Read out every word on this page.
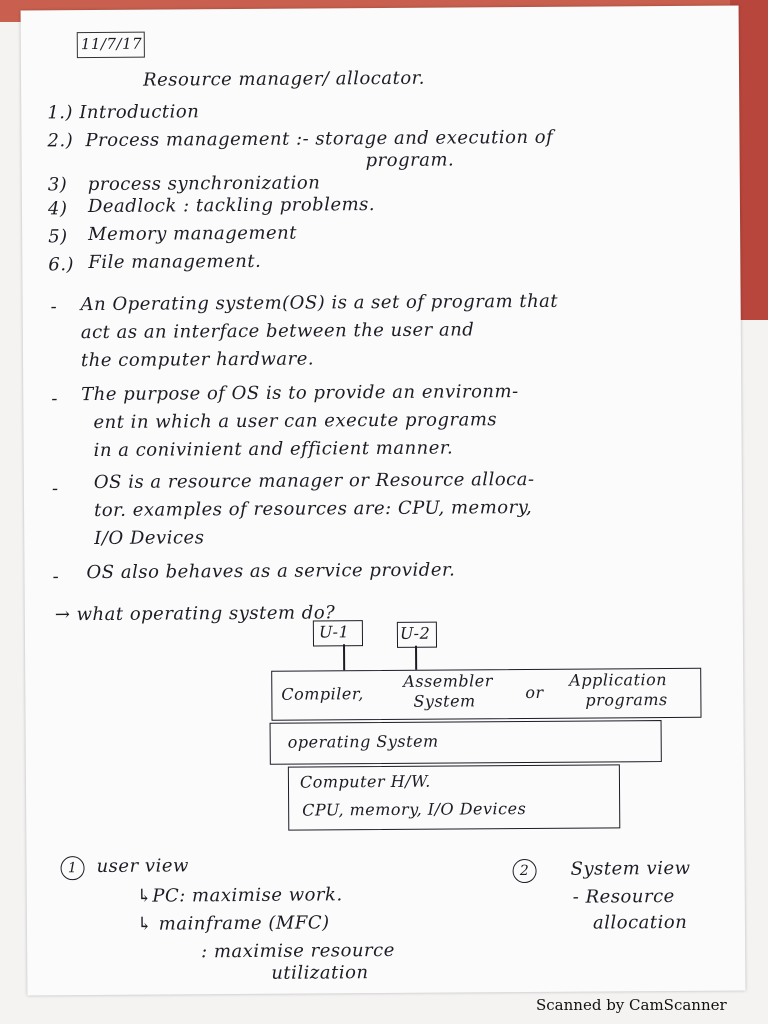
11/7/17
Resource manager/ allocator.
1.) Introduction
2.) Process management :- storage and execution of
program.
3) process synchronization
4) Deadlock : tackling problems.
5) Memory management
6.) File management.
- An Operating system(OS) is a set of program that
act as an interface between the user and
the computer hardware.
- The purpose of OS is to provide an environm-
ent in which a user can execute programs
in a conivinient and efficient manner.
- OS is a resource manager or Resource alloca-
tor. examples of resources are: CPU, memory,
I/O Devices
- OS also behaves as a service provider.
→ what operating system do?
U-1	U-2
Compiler,
Assembler
System	or
Application
programs
operating System
Computer H/W.
CPU, memory, I/O Devices
1	user view
↳PC: maximise work.
↳ mainframe (MFC)
: maximise resource
utilization
2	System view
- Resource
allocation
Scanned by CamScanner
